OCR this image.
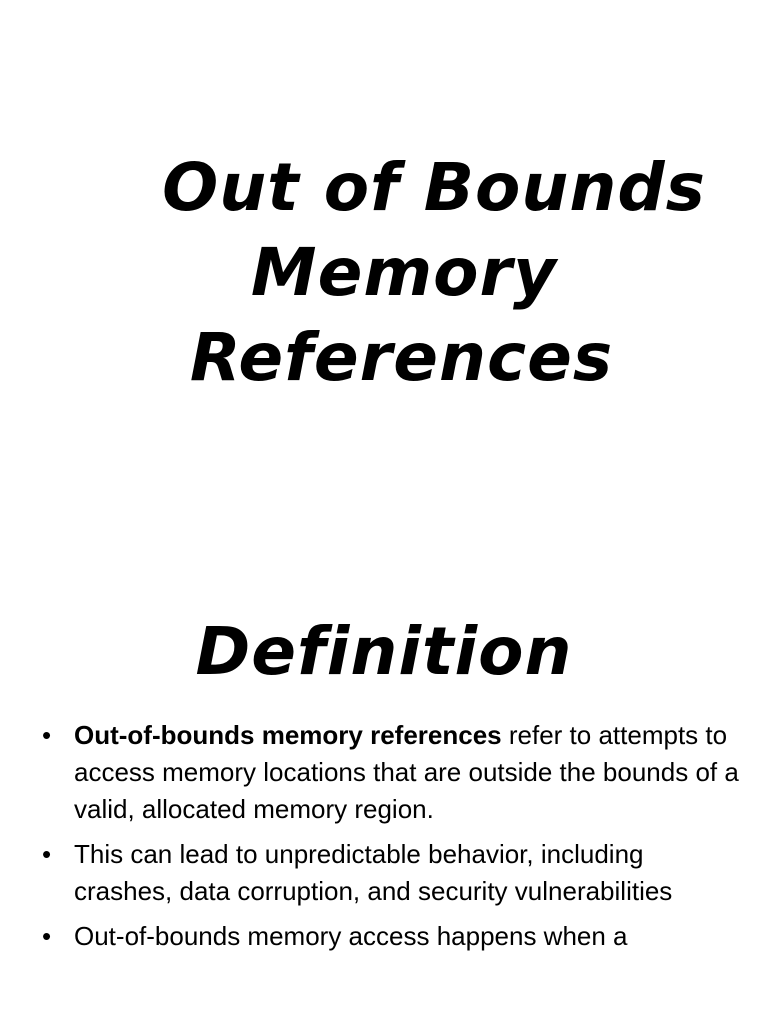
Out of Bounds
Memory
References
Definition
• Out-of-bounds memory references refer to attempts to access memory locations that are outside the bounds of a valid, allocated memory region.
• This can lead to unpredictable behavior, including crashes, data corruption, and security vulnerabilities
• Out-of-bounds memory access happens when a
